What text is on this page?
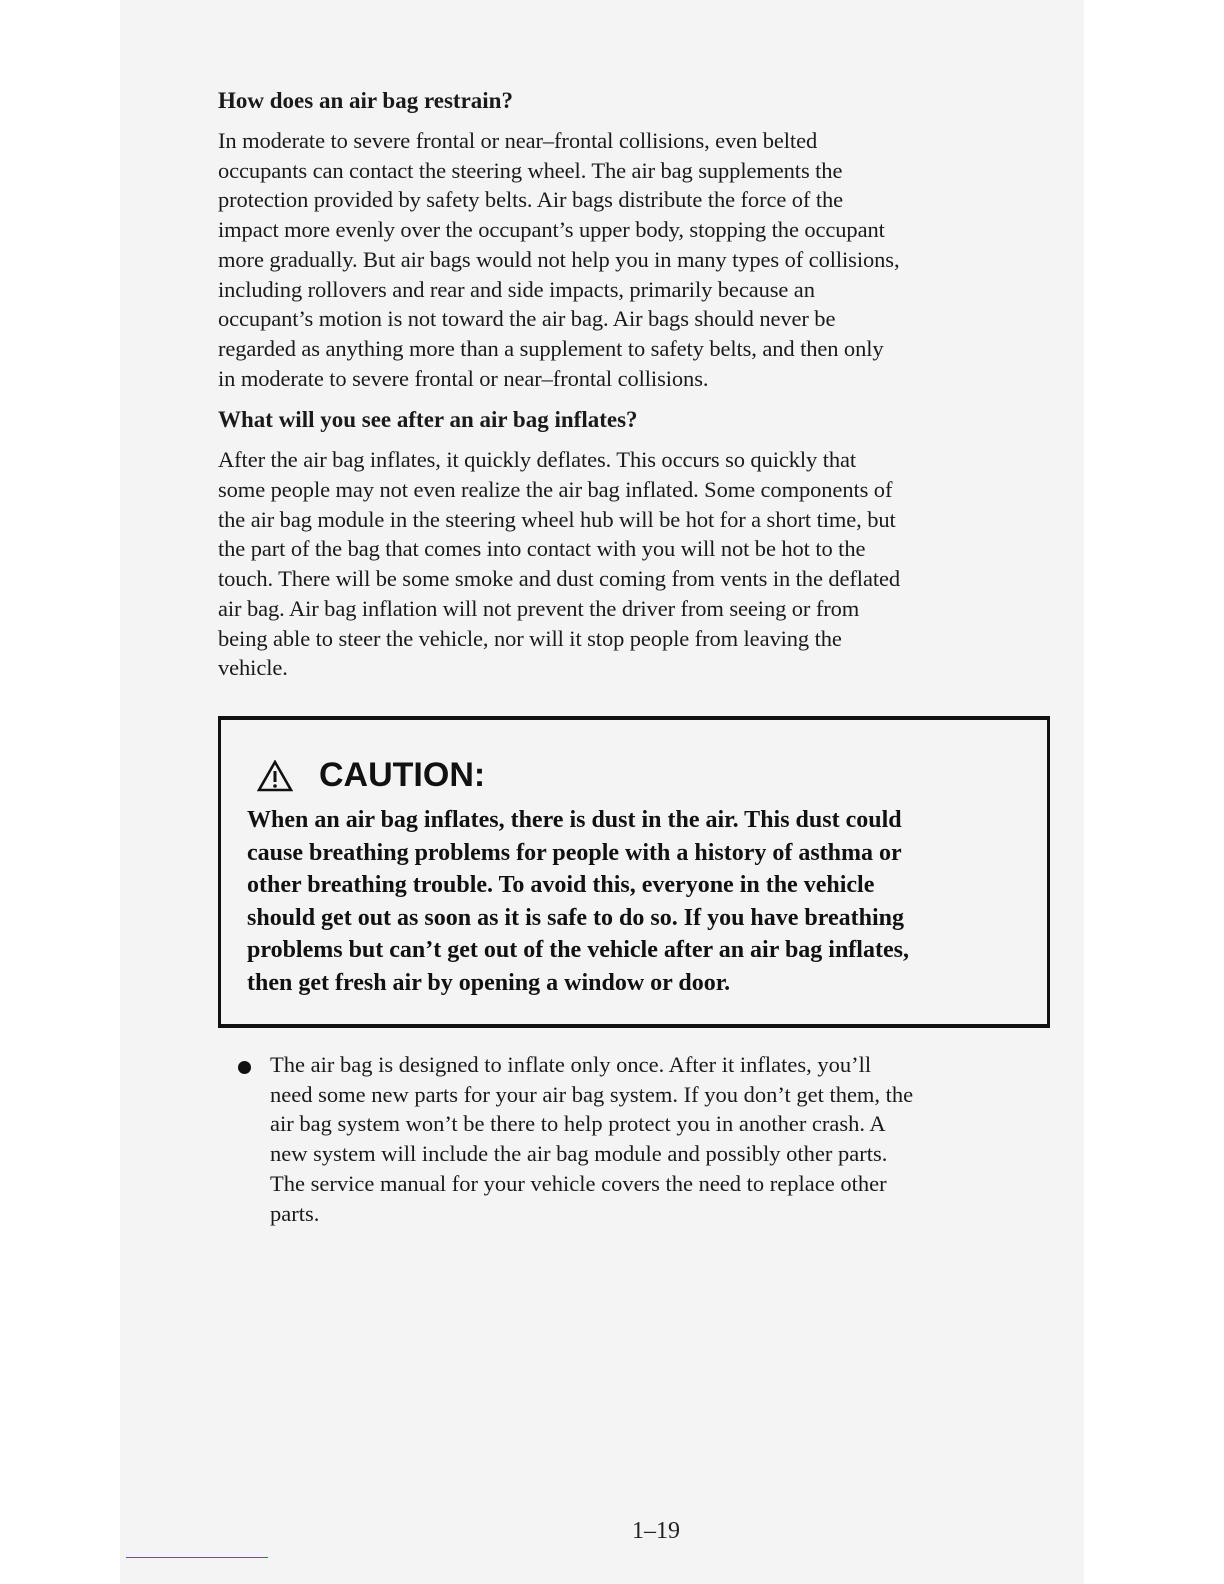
How does an air bag restrain?
In moderate to severe frontal or near–frontal collisions, even belted
occupants can contact the steering wheel. The air bag supplements the
protection provided by safety belts. Air bags distribute the force of the
impact more evenly over the occupant’s upper body, stopping the occupant
more gradually. But air bags would not help you in many types of collisions,
including rollovers and rear and side impacts, primarily because an
occupant’s motion is not toward the air bag. Air bags should never be
regarded as anything more than a supplement to safety belts, and then only
in moderate to severe frontal or near–frontal collisions.
What will you see after an air bag inflates?
After the air bag inflates, it quickly deflates. This occurs so quickly that
some people may not even realize the air bag inflated. Some components of
the air bag module in the steering wheel hub will be hot for a short time, but
the part of the bag that comes into contact with you will not be hot to the
touch. There will be some smoke and dust coming from vents in the deflated
air bag. Air bag inflation will not prevent the driver from seeing or from
being able to steer the vehicle, nor will it stop people from leaving the
vehicle.
CAUTION:
When an air bag inflates, there is dust in the air. This dust could
cause breathing problems for people with a history of asthma or
other breathing trouble. To avoid this, everyone in the vehicle
should get out as soon as it is safe to do so. If you have breathing
problems but can’t get out of the vehicle after an air bag inflates,
then get fresh air by opening a window or door.
The air bag is designed to inflate only once. After it inflates, you’ll
need some new parts for your air bag system. If you don’t get them, the
air bag system won’t be there to help protect you in another crash. A
new system will include the air bag module and possibly other parts.
The service manual for your vehicle covers the need to replace other
parts.
1–19
